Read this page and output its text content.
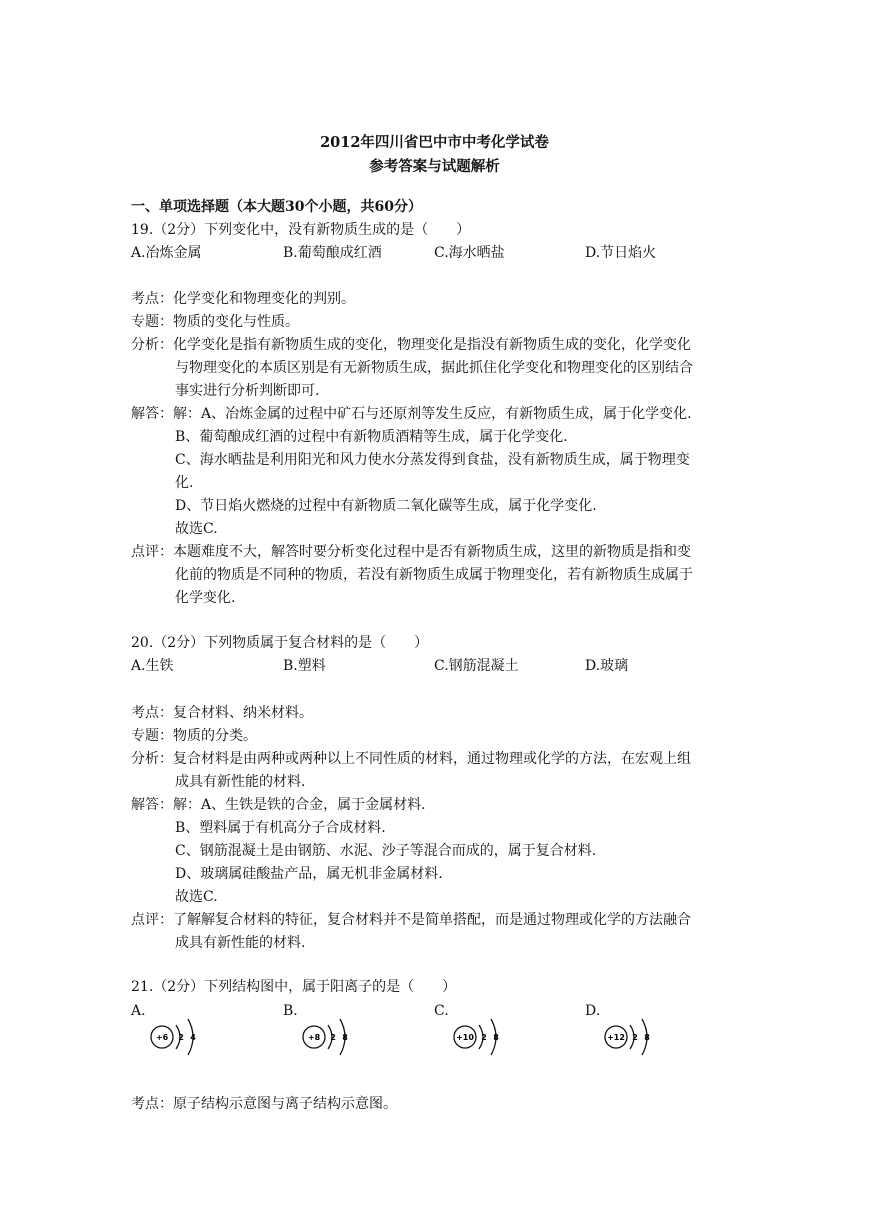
2012年四川省巴中市中考化学试卷
参考答案与试题解析
一、单项选择题（本大题30个小题，共60分）
19.（2分）下列变化中，没有新物质生成的是（　　）
A.冶炼金属	B.葡萄酿成红酒	C.海水晒盐	D.节日焰火
考点：化学变化和物理变化的判别。
专题：物质的变化与性质。
分析：化学变化是指有新物质生成的变化，物理变化是指没有新物质生成的变化，化学变化
与物理变化的本质区别是有无新物质生成，据此抓住化学变化和物理变化的区别结合
事实进行分析判断即可.
解答：解：A、冶炼金属的过程中矿石与还原剂等发生反应，有新物质生成，属于化学变化.
B、葡萄酿成红酒的过程中有新物质酒精等生成，属于化学变化.
C、海水晒盐是利用阳光和风力使水分蒸发得到食盐，没有新物质生成，属于物理变
化.
D、节日焰火燃烧的过程中有新物质二氧化碳等生成，属于化学变化.
故选C.
点评：本题难度不大，解答时要分析变化过程中是否有新物质生成，这里的新物质是指和变
化前的物质是不同种的物质，若没有新物质生成属于物理变化，若有新物质生成属于
化学变化.
20.（2分）下列物质属于复合材料的是（　　）
A.生铁	B.塑料	C.钢筋混凝土	D.玻璃
考点：复合材料、纳米材料。
专题：物质的分类。
分析：复合材料是由两种或两种以上不同性质的材料，通过物理或化学的方法，在宏观上组
成具有新性能的材料.
解答：解：A、生铁是铁的合金，属于金属材料.
B、塑料属于有机高分子合成材料.
C、钢筋混凝土是由钢筋、水泥、沙子等混合而成的，属于复合材料.
D、玻璃属硅酸盐产品，属无机非金属材料.
故选C.
点评：了解解复合材料的特征，复合材料并不是简单搭配，而是通过物理或化学的方法融合
成具有新性能的材料.
21.（2分）下列结构图中，属于阳离子的是（　　）
A.	B.	C.	D.
+6 2 4	+8 2 8	+10 2 8	+12 2 8
考点：原子结构示意图与离子结构示意图。
